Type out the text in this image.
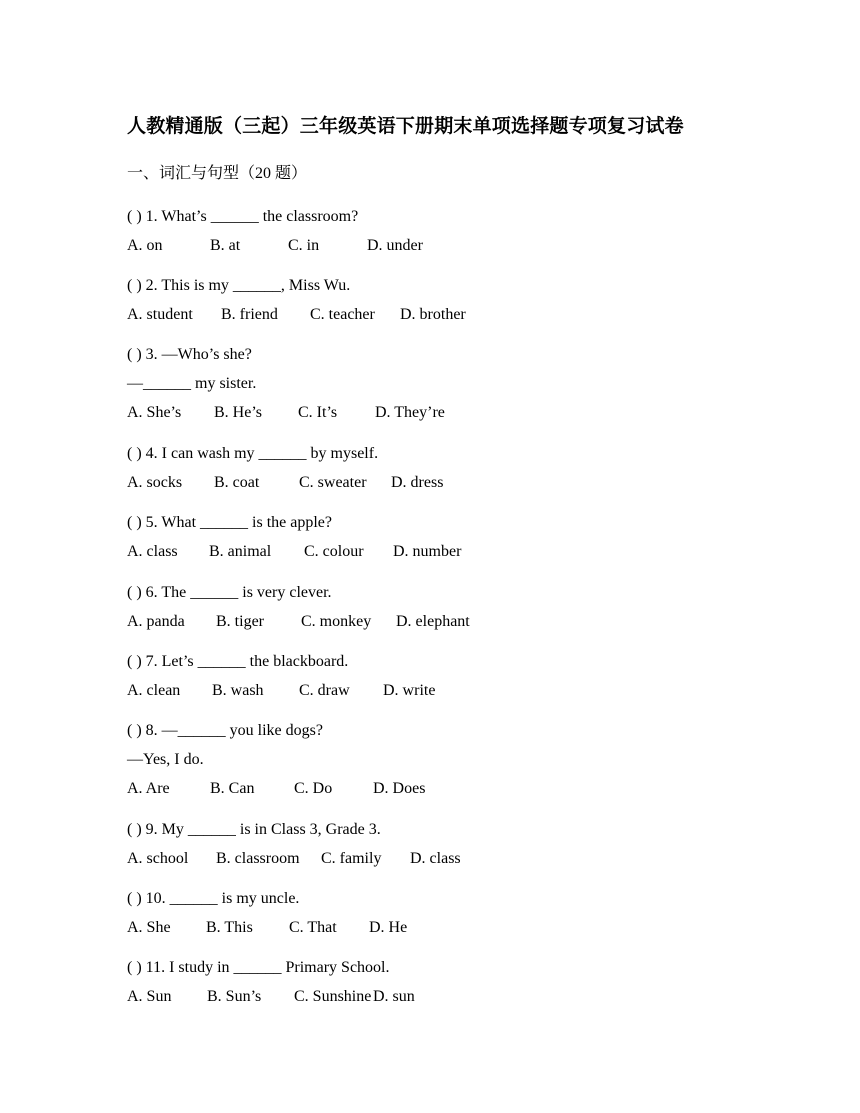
人教精通版（三起）三年级英语下册期末单项选择题专项复习试卷
一、词汇与句型（20 题）
( ) 1. What’s ______ the classroom?
A. on	B. at	C. in	D. under
( ) 2. This is my ______, Miss Wu.
A. student B. friend C. teacher D. brother
( ) 3. —Who’s she?
—______ my sister.
A. She’s B. He’s C. It’s D. They’re
( ) 4. I can wash my ______ by myself.
A. socks B. coat C. sweater D. dress
( ) 5. What ______ is the apple?
A. class B. animal C. colour D. number
( ) 6. The ______ is very clever.
A. panda B. tiger C. monkey D. elephant
( ) 7. Let’s ______ the blackboard.
A. clean B. wash C. draw D. write
( ) 8. —______ you like dogs?
—Yes, I do.
A. Are	B. Can C. Do	D. Does
( ) 9. My ______ is in Class 3, Grade 3.
A. school B. classroom C. family D. class
( ) 10. ______ is my uncle.
A. She B. This C. That D. He
( ) 11. I study in ______ Primary School.
A. Sun B. Sun’s C. Sunshine D. sun
